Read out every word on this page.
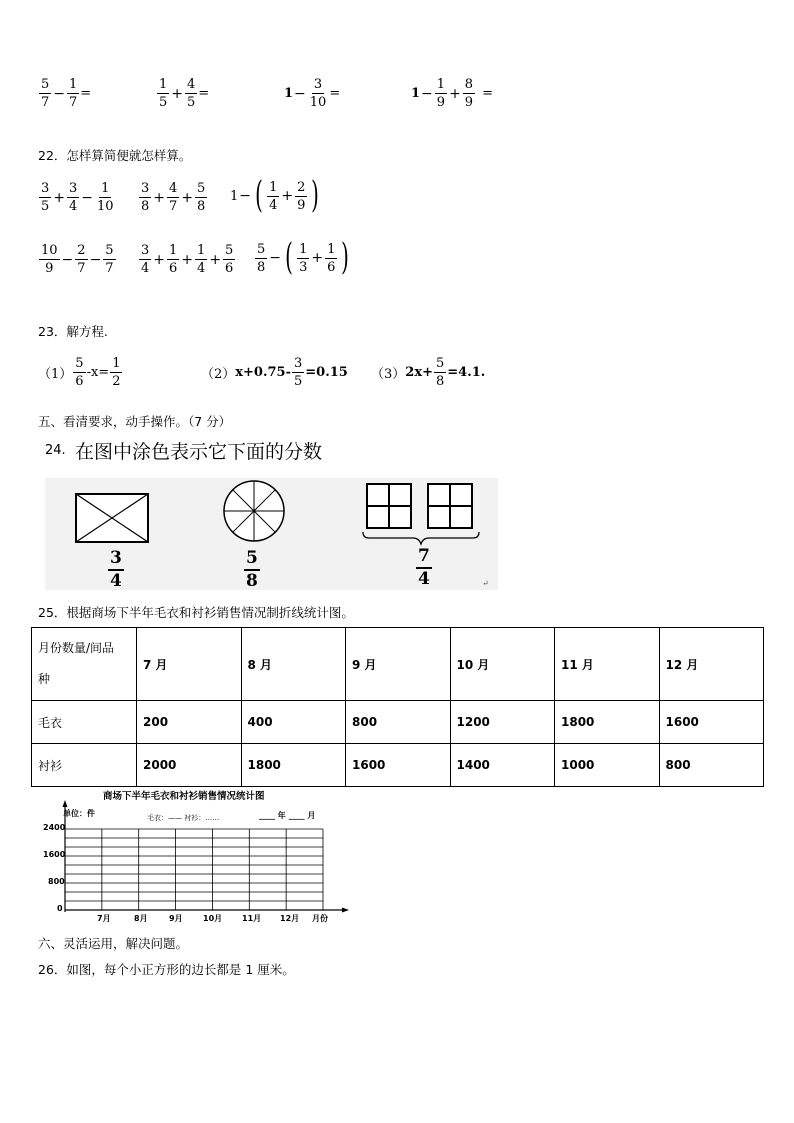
$\frac{5}{7} - \frac{1}{7}$ =	$\frac{1}{5} + \frac{4}{5}$ =	$1 - \frac{3}{10}$ =	$1 - \frac{1}{9} + \frac{8}{9}$ =
22．怎样算简便就怎样算。
$\frac{3}{5} + \frac{3}{4} - \frac{1}{10} \frac{3}{8} + \frac{4}{7} + \frac{5}{8} 1$ − ( $\frac{1}{4} + \frac{2}{9}$ )
$\frac{10}{9} - \frac{2}{7} - \frac{5}{7} \frac{3}{4} + \frac{1}{6} + \frac{1}{4} + \frac{5}{6} \frac{5}{8}$ − ( $\frac{1}{3} + \frac{1}{6}$ )
23．解方程.
$(1) \frac{5}{6} -x= \frac{1}{2}$	（2） $x+0.75- \frac{3}{5} =0.15$ （3） $2x+ \frac{5}{8} =4.1$.
五、看清要求，动手操作。（7 分）
24. 在图中涂色表示它下面的分数
↵
$\frac{3}{4}$	$\frac{5}{8}$	$\frac{7}{4}$
25．根据商场下半年毛衣和衬衫销售情况制折线统计图。
月份数量/间品
种	7 月	8 月	9 月	10 月	11 月	12 月
毛衣	200	400	800	1200	1800	1600
衬衫	2000	1800	1600	1400	1000	800
商场下半年毛衣和衬衫销售情况统计图
单位：件	毛衣：—— 衬衫：……	____ 年 ____ 月
2400
1600
800
0
7月	8月	9月	10月 11月 12月 月份
六、灵活运用，解决问题。
26．如图，每个小正方形的边长都是 1 厘米。
